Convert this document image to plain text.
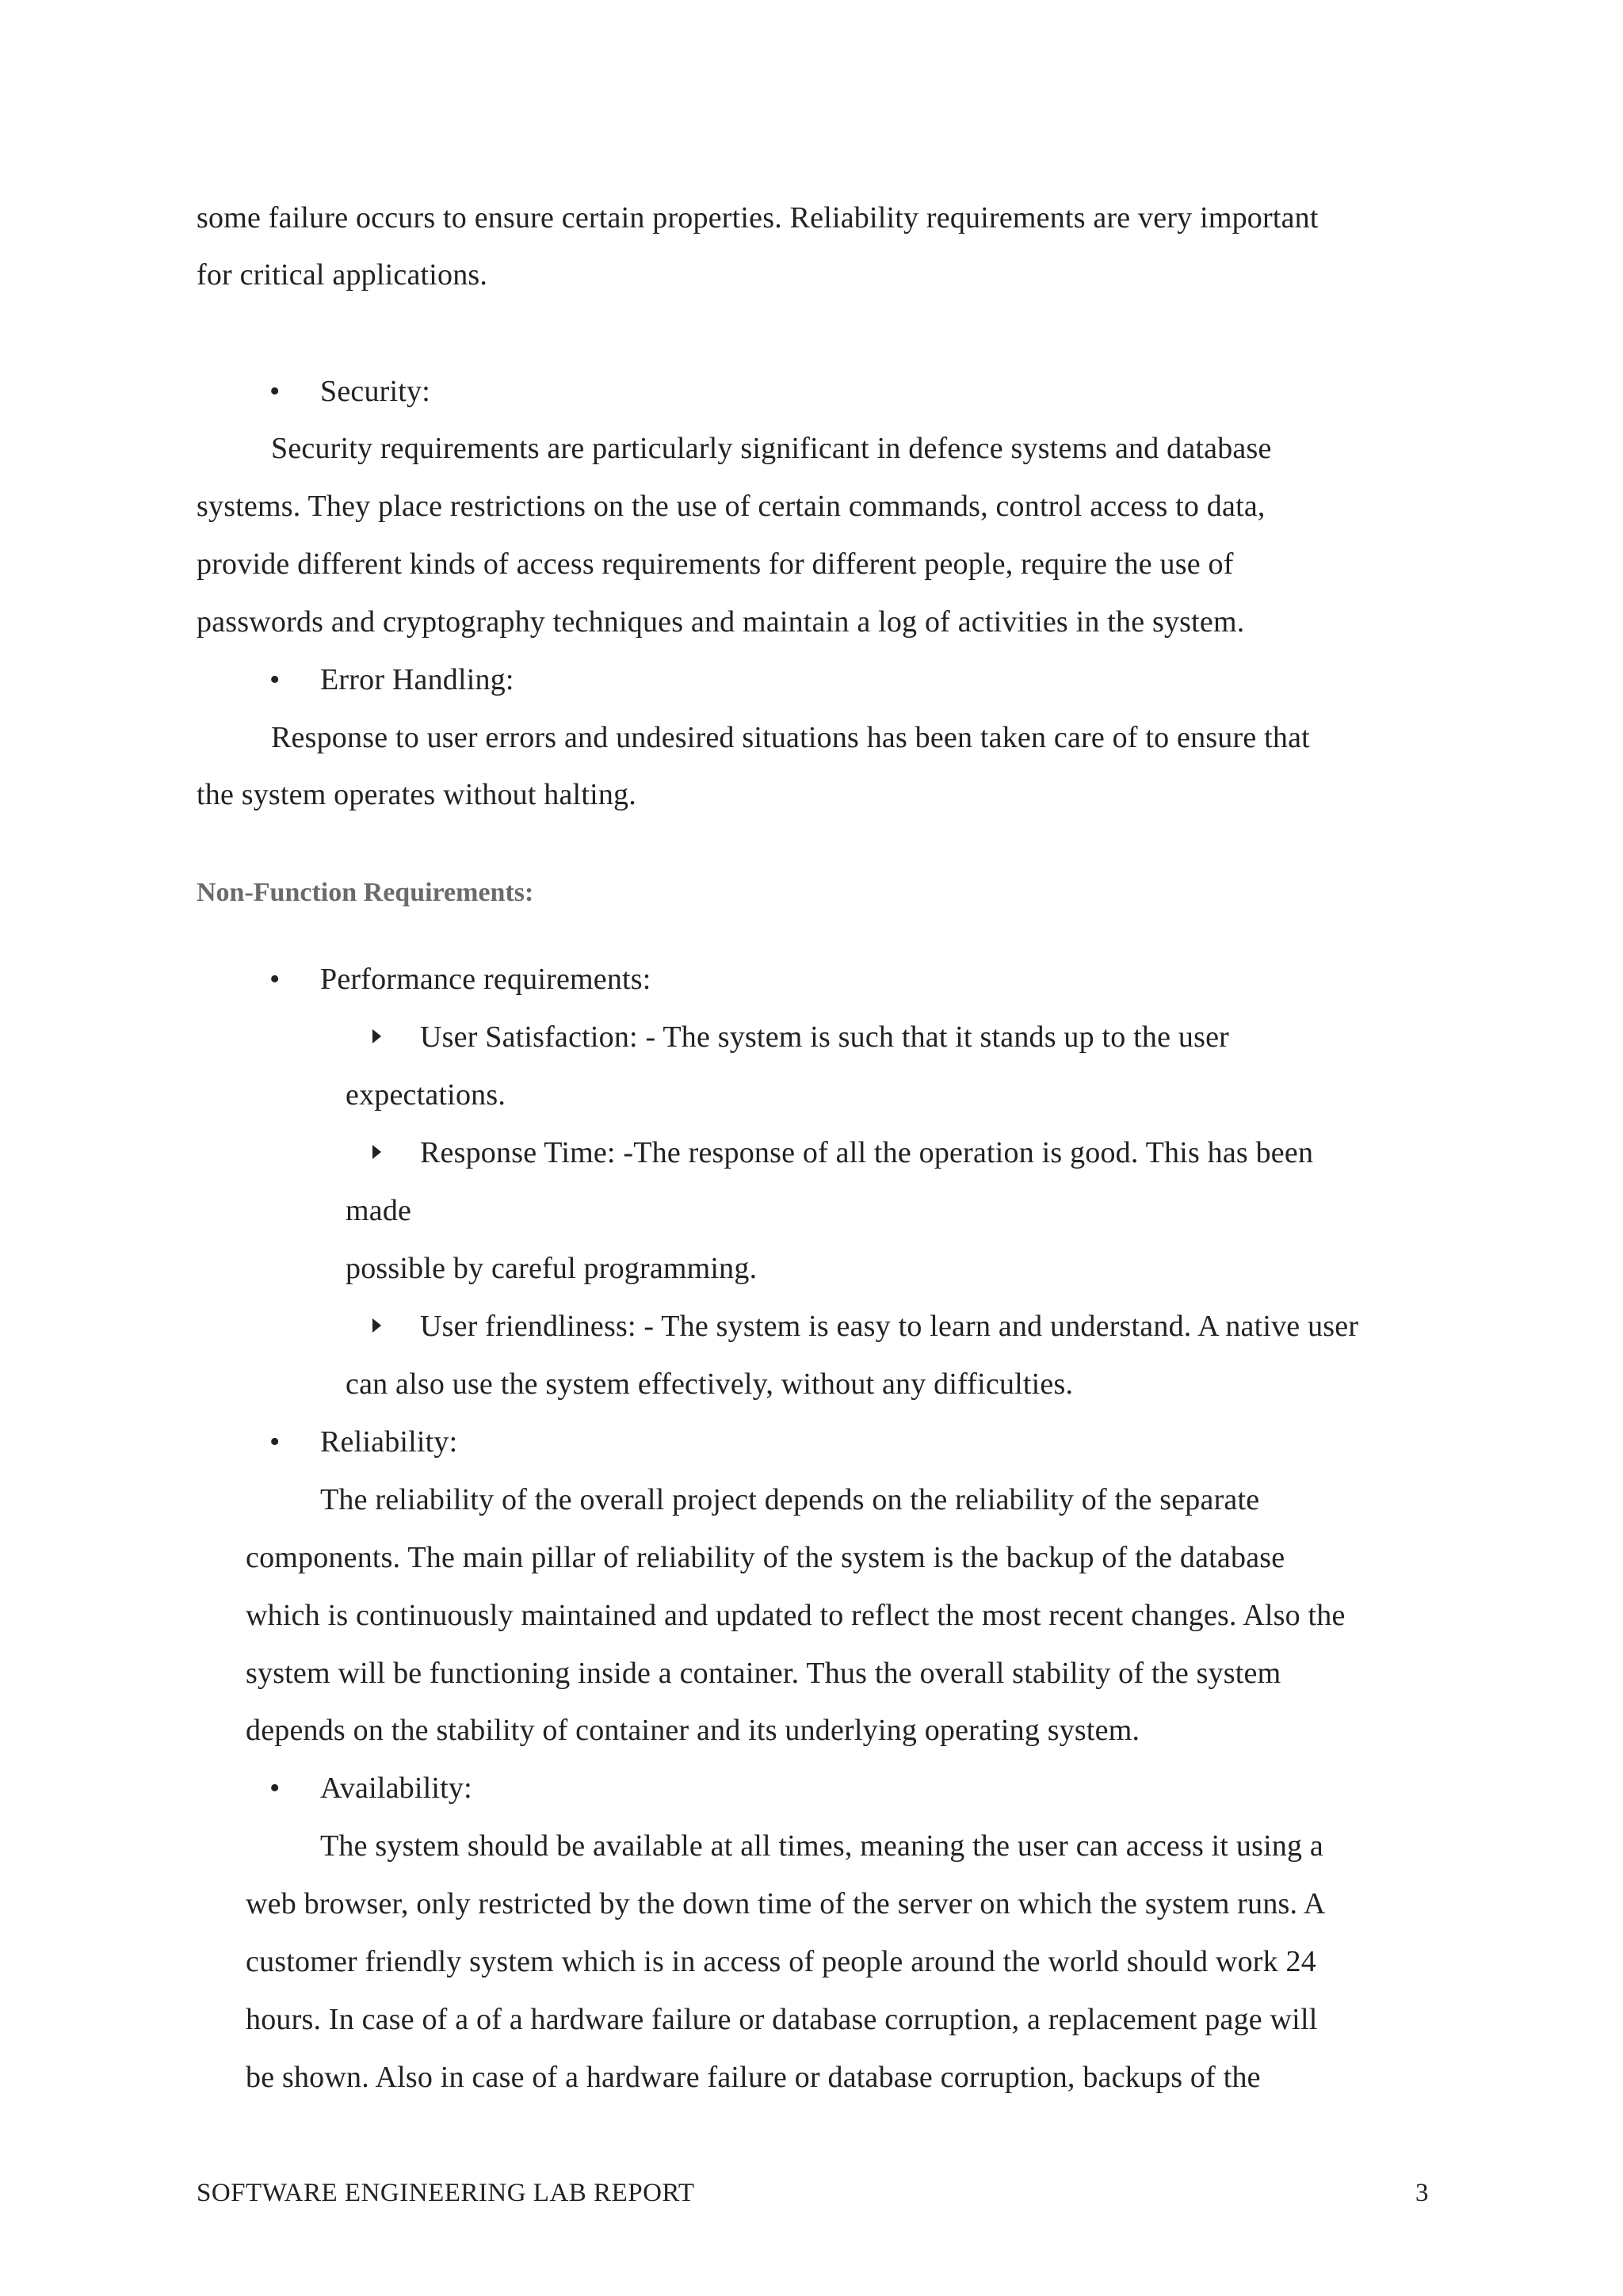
some failure occurs to ensure certain properties. Reliability requirements are very important
for critical applications.
• Security:
Security requirements are particularly significant in defence systems and database
systems. They place restrictions on the use of certain commands, control access to data,
provide different kinds of access requirements for different people, require the use of
passwords and cryptography techniques and maintain a log of activities in the system.
• Error Handling:
Response to user errors and undesired situations has been taken care of to ensure that
the system operates without halting.
Non-Function Requirements:
• Performance requirements:
User Satisfaction: - The system is such that it stands up to the user
expectations.
Response Time: -The response of all the operation is good. This has been
made
possible by careful programming.
User friendliness: - The system is easy to learn and understand. A native user
can also use the system effectively, without any difficulties.
• Reliability:
The reliability of the overall project depends on the reliability of the separate
components. The main pillar of reliability of the system is the backup of the database
which is continuously maintained and updated to reflect the most recent changes. Also the
system will be functioning inside a container. Thus the overall stability of the system
depends on the stability of container and its underlying operating system.
• Availability:
The system should be available at all times, meaning the user can access it using a
web browser, only restricted by the down time of the server on which the system runs. A
customer friendly system which is in access of people around the world should work 24
hours. In case of a of a hardware failure or database corruption, a replacement page will
be shown. Also in case of a hardware failure or database corruption, backups of the
SOFTWARE ENGINEERING LAB REPORT	3
